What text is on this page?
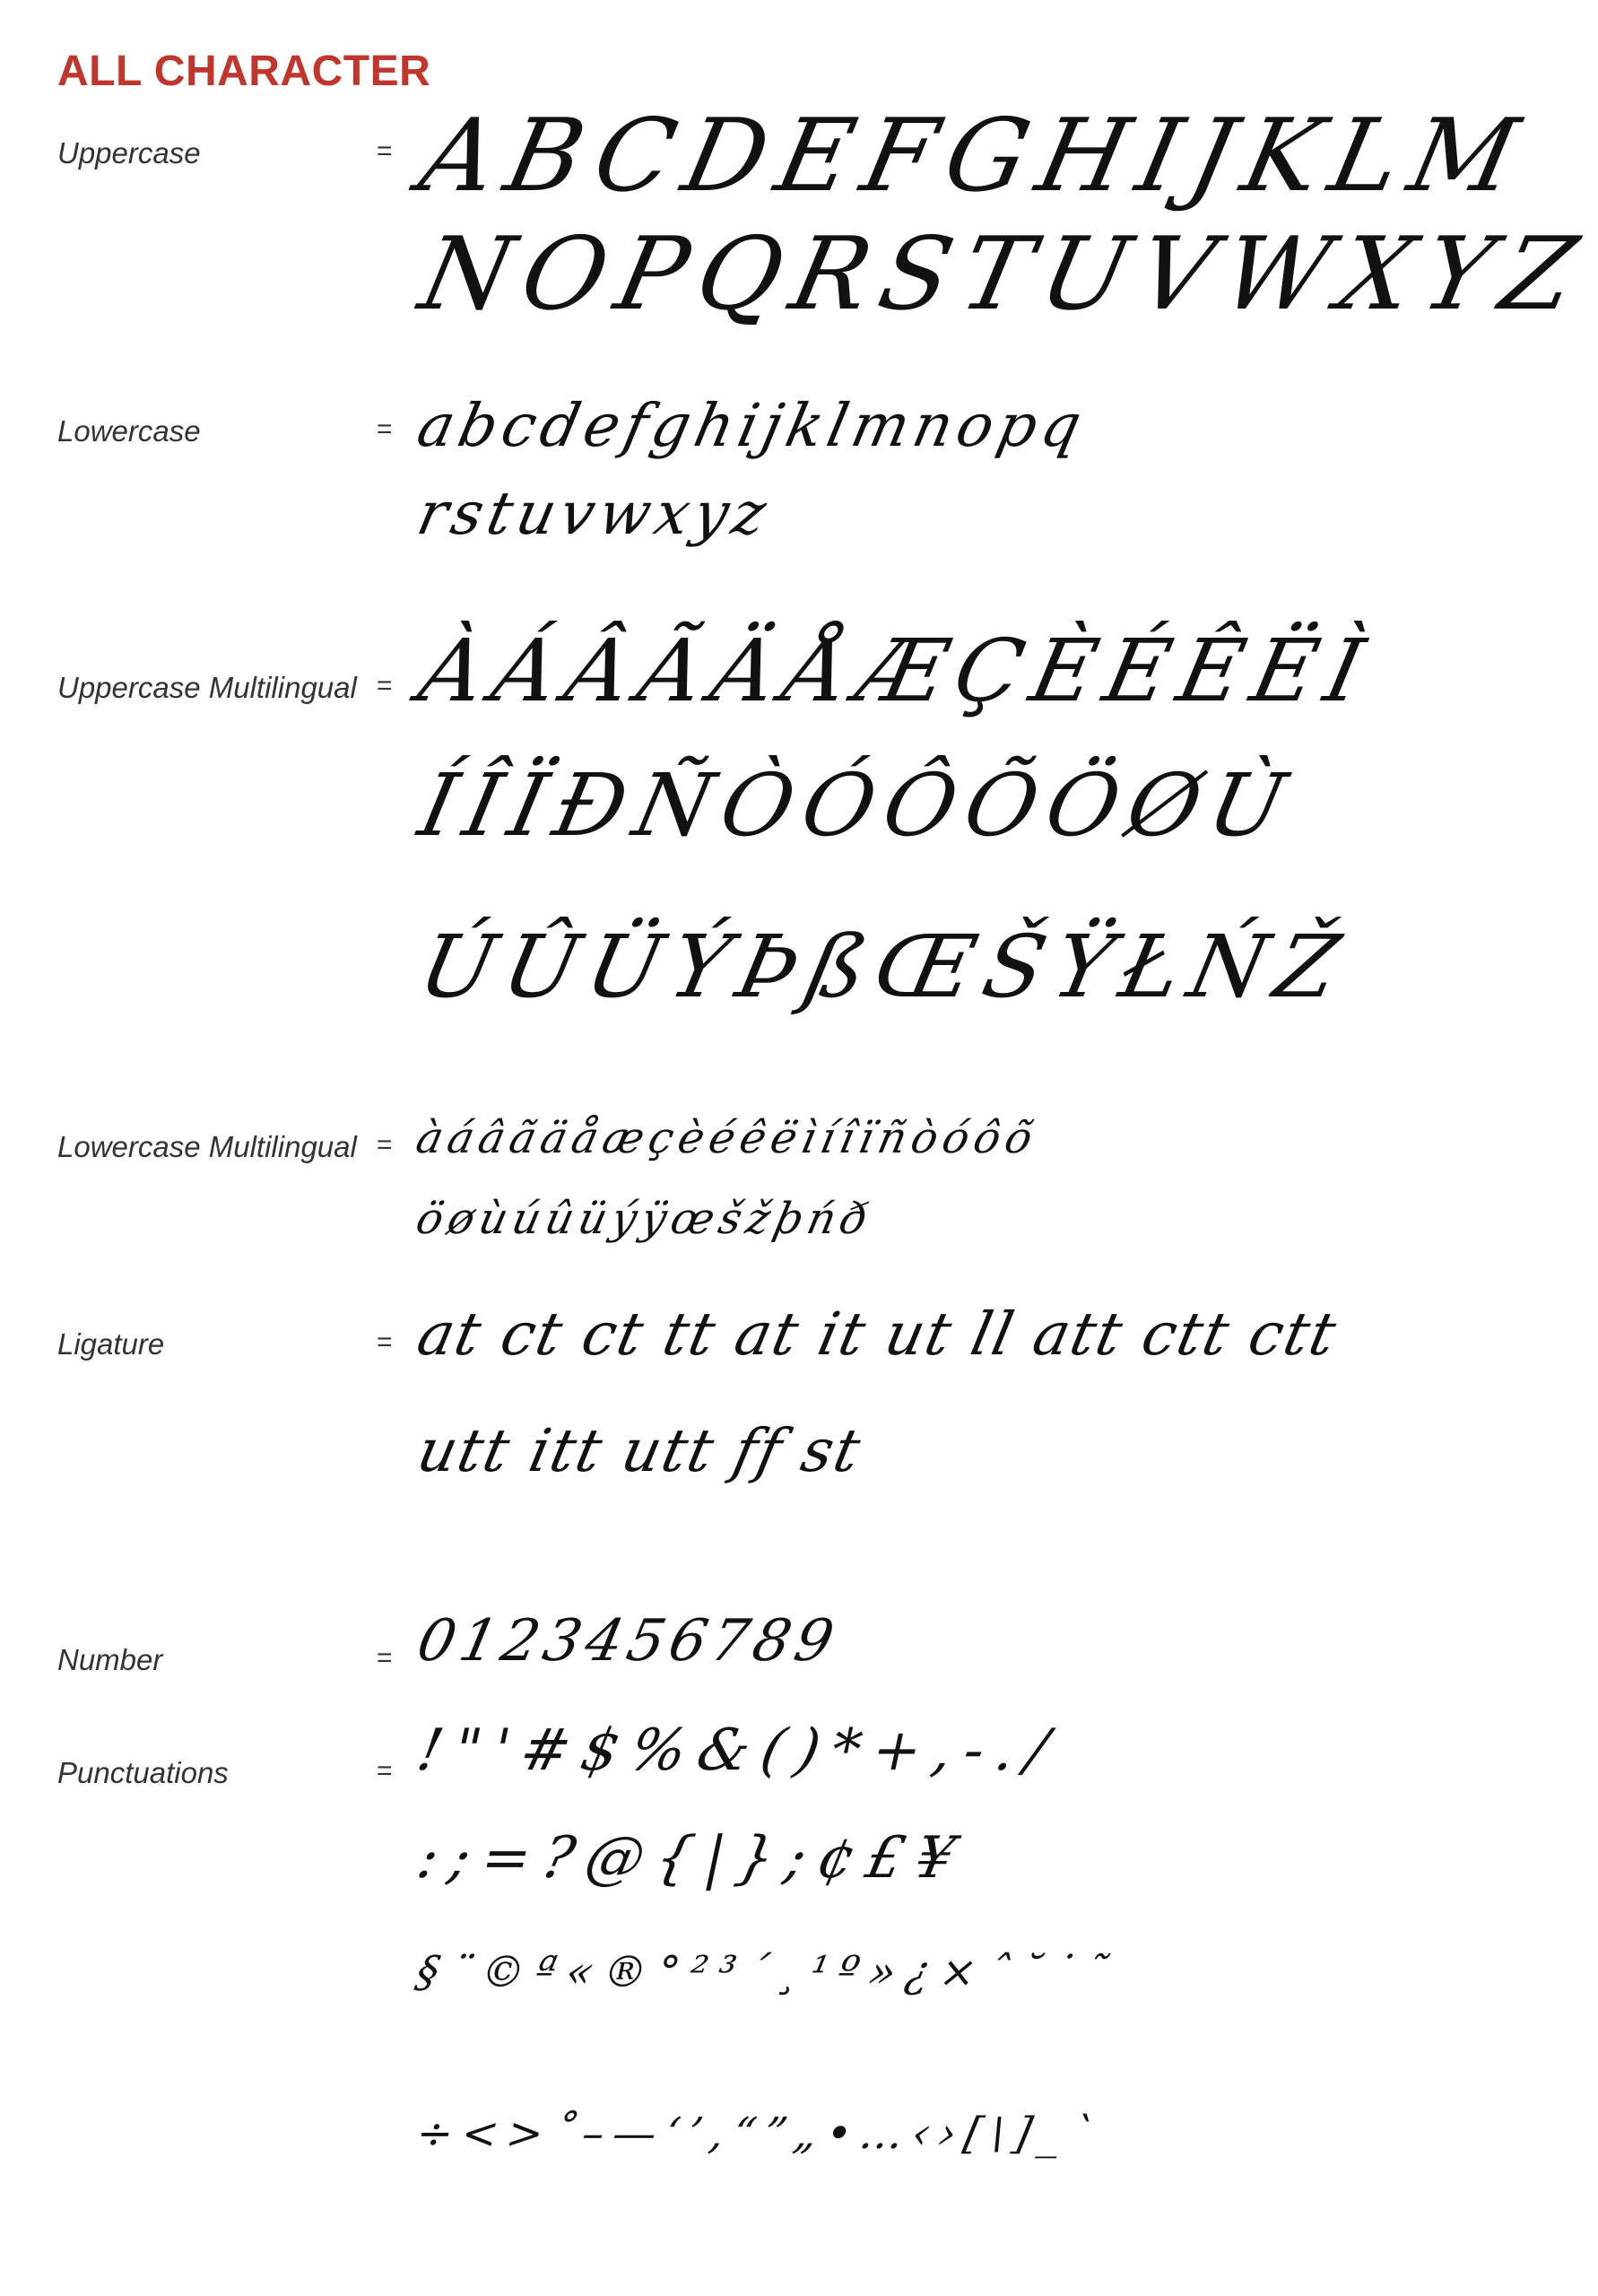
ALL CHARACTER
Uppercase	= ABCDEFGHIJKLM
NOPQRSTUVWXYZ
Lowercase	= abcdefghijklmnopq
rstuvwxyz
Uppercase Multilingual = ÀÁÂÃÄÅÆÇÈÉÊËÌ
ÍÎÏÐÑÒÓÔÕÖØÙ
ÚÛÜÝÞßŒŠŸŁŃŽ
Lowercase Multilingual = àáâãäåæçèéêëìíîïñòóôõ
öøùúûüýÿœšžþńð
Ligature	= at ct ct tt at it ut ll att ctt ctt
utt itt utt ff st
Number	= 0123456789
Punctuations	= !"'#$%&()*+,-./
:;=?@{|};¢£¥
§¨©ª«®°²³´¸¹º»¿×ˆ˘˙˜
÷<>˚–—‘’‚“”„•…‹›[\]_`
